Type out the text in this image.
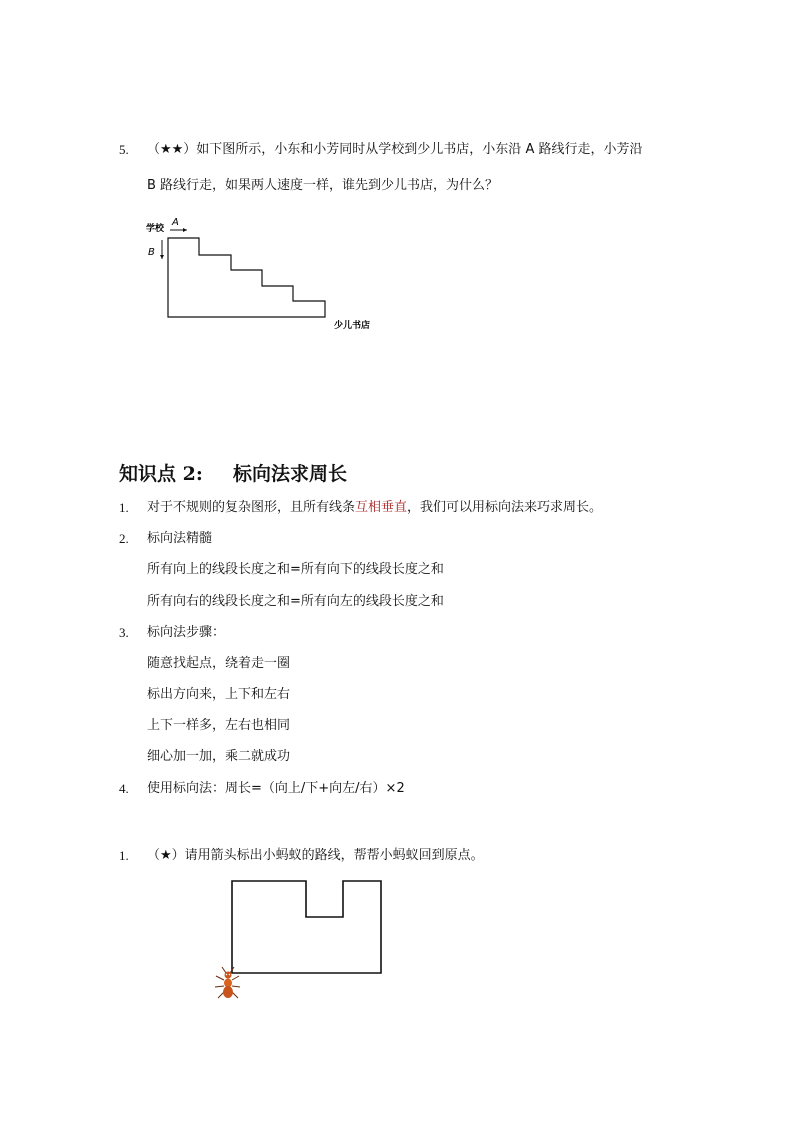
5. （★★）如下图所示，小东和小芳同时从学校到少儿书店，小东沿 A 路线行走，小芳沿
B 路线行走，如果两人速度一样，谁先到少儿书店，为什么？
学校
A
B
少儿书店
知识点 2: 标向法求周长
1. 对于不规则的复杂图形，且所有线条互相垂直，我们可以用标向法来巧求周长。
2. 标向法精髓
所有向上的线段长度之和=所有向下的线段长度之和
所有向右的线段长度之和=所有向左的线段长度之和
3. 标向法步骤：
随意找起点，绕着走一圈
标出方向来，上下和左右
上下一样多，左右也相同
细心加一加，乘二就成功
4. 使用标向法：周长=（向上/下+向左/右）×2
1. （★）请用箭头标出小蚂蚁的路线，帮帮小蚂蚁回到原点。
